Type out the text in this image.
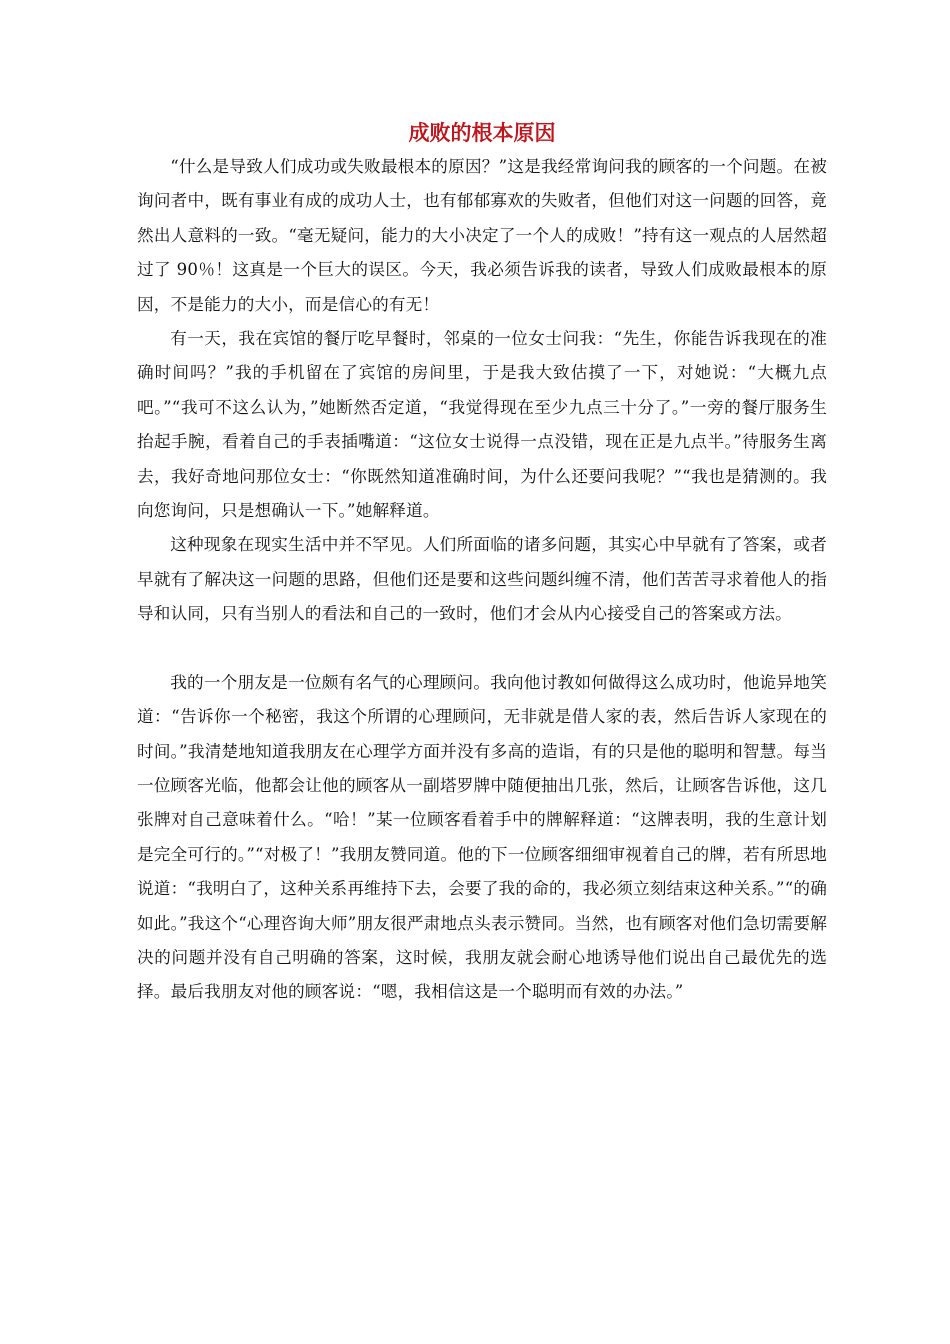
成败的根本原因

“什么是导致人们成功或失败最根本的原因？”这是我经常询问我的顾客的一个问题。在被询问者中，既有事业有成的成功人士，也有郁郁寡欢的失败者，但他们对这一问题的回答，竟然出人意料的一致。“毫无疑问，能力的大小决定了一个人的成败！”持有这一观点的人居然超过了 90％！这真是一个巨大的误区。今天，我必须告诉我的读者，导致人们成败最根本的原因，不是能力的大小，而是信心的有无！

有一天，我在宾馆的餐厅吃早餐时，邻桌的一位女士问我：“先生，你能告诉我现在的准确时间吗？”我的手机留在了宾馆的房间里，于是我大致估摸了一下，对她说：“大概九点吧。”“我可不这么认为，”她断然否定道，“我觉得现在至少九点三十分了。”一旁的餐厅服务生抬起手腕，看着自己的手表插嘴道：“这位女士说得一点没错，现在正是九点半。”待服务生离去，我好奇地问那位女士：“你既然知道准确时间，为什么还要问我呢？”“我也是猜测的。我向您询问，只是想确认一下。”她解释道。

这种现象在现实生活中并不罕见。人们所面临的诸多问题，其实心中早就有了答案，或者早就有了解决这一问题的思路，但他们还是要和这些问题纠缠不清，他们苦苦寻求着他人的指导和认同，只有当别人的看法和自己的一致时，他们才会从内心接受自己的答案或方法。

我的一个朋友是一位颇有名气的心理顾问。我向他讨教如何做得这么成功时，他诡异地笑道：“告诉你一个秘密，我这个所谓的心理顾问，无非就是借人家的表，然后告诉人家现在的时间。”我清楚地知道我朋友在心理学方面并没有多高的造诣，有的只是他的聪明和智慧。每当一位顾客光临，他都会让他的顾客从一副塔罗牌中随便抽出几张，然后，让顾客告诉他，这几张牌对自己意味着什么。“哈！”某一位顾客看着手中的牌解释道：“这牌表明，我的生意计划是完全可行的。”“对极了！”我朋友赞同道。他的下一位顾客细细审视着自己的牌，若有所思地说道：“我明白了，这种关系再维持下去，会要了我的命的，我必须立刻结束这种关系。”“的确如此。”我这个“心理咨询大师”朋友很严肃地点头表示赞同。当然，也有顾客对他们急切需要解决的问题并没有自己明确的答案，这时候，我朋友就会耐心地诱导他们说出自己最优先的选择。最后我朋友对他的顾客说：“嗯，我相信这是一个聪明而有效的办法。”
